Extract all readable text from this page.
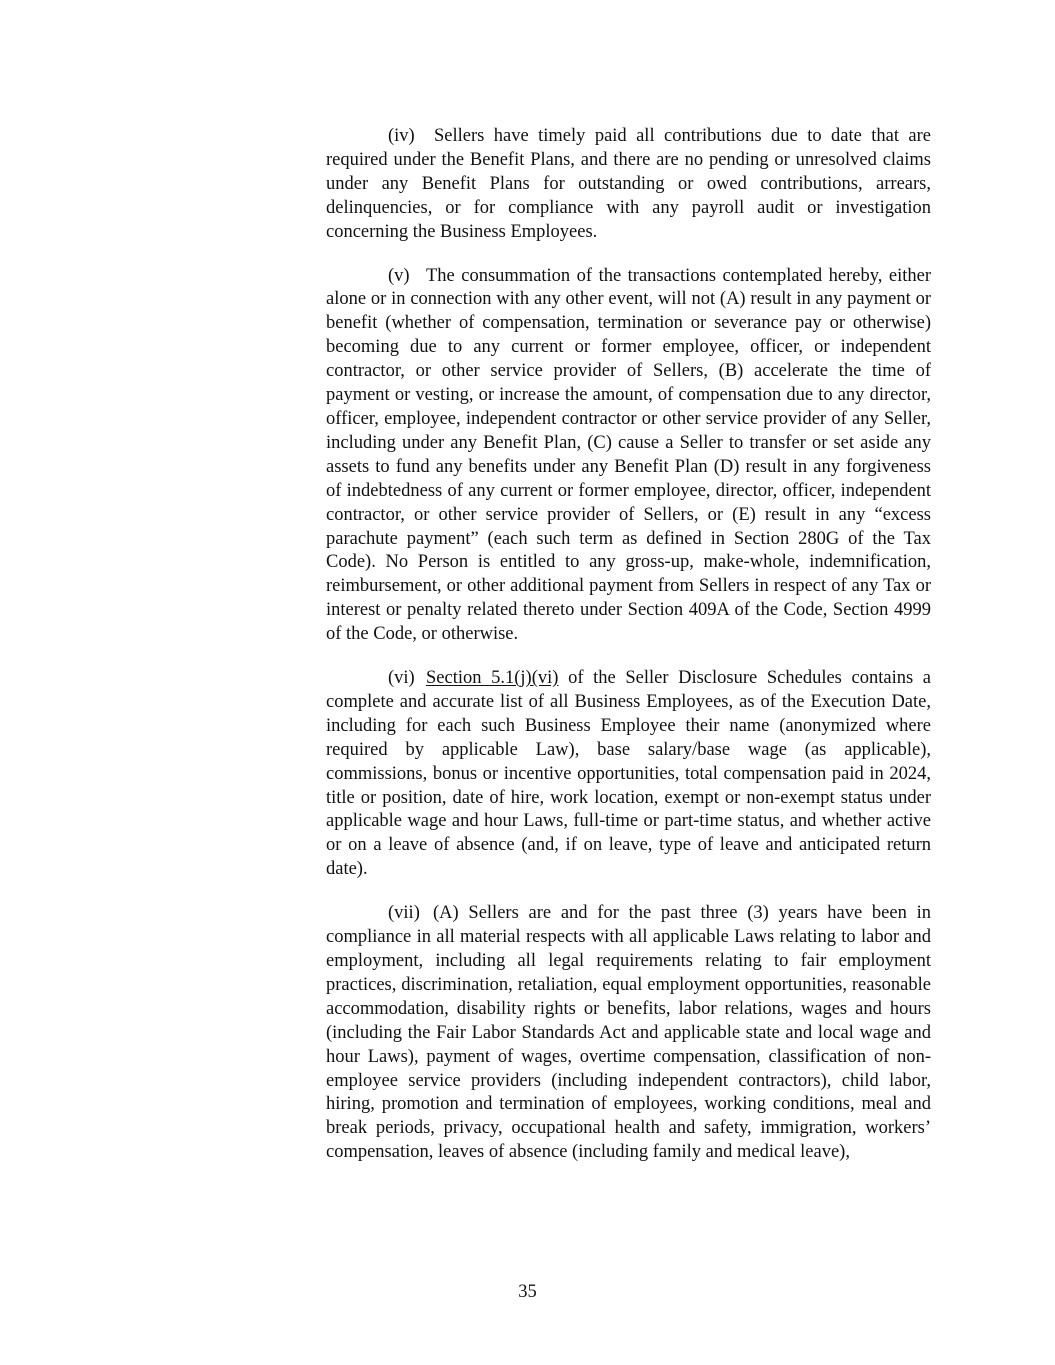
(iv) Sellers have timely paid all contributions due to date that are required under the Benefit Plans, and there are no pending or unresolved claims under any Benefit Plans for outstanding or owed contributions, arrears, delinquencies, or for compliance with any payroll audit or investigation concerning the Business Employees.

(v) The consummation of the transactions contemplated hereby, either alone or in connection with any other event, will not (A) result in any payment or benefit (whether of compensation, termination or severance pay or otherwise) becoming due to any current or former employee, officer, or independent contractor, or other service provider of Sellers, (B) accelerate the time of payment or vesting, or increase the amount, of compensation due to any director, officer, employee, independent contractor or other service provider of any Seller, including under any Benefit Plan, (C) cause a Seller to transfer or set aside any assets to fund any benefits under any Benefit Plan (D) result in any forgiveness of indebtedness of any current or former employee, director, officer, independent contractor, or other service provider of Sellers, or (E) result in any “excess parachute payment” (each such term as defined in Section 280G of the Tax Code). No Person is entitled to any gross-up, make-whole, indemnification, reimbursement, or other additional payment from Sellers in respect of any Tax or interest or penalty related thereto under Section 409A of the Code, Section 4999 of the Code, or otherwise.

(vi) Section 5.1(j)(vi) of the Seller Disclosure Schedules contains a complete and accurate list of all Business Employees, as of the Execution Date, including for each such Business Employee their name (anonymized where required by applicable Law), base salary/base wage (as applicable), commissions, bonus or incentive opportunities, total compensation paid in 2024, title or position, date of hire, work location, exempt or non-exempt status under applicable wage and hour Laws, full-time or part-time status, and whether active or on a leave of absence (and, if on leave, type of leave and anticipated return date).

(vii) (A) Sellers are and for the past three (3) years have been in compliance in all material respects with all applicable Laws relating to labor and employment, including all legal requirements relating to fair employment practices, discrimination, retaliation, equal employment opportunities, reasonable accommodation, disability rights or benefits, labor relations, wages and hours (including the Fair Labor Standards Act and applicable state and local wage and hour Laws), payment of wages, overtime compensation, classification of non-employee service providers (including independent contractors), child labor, hiring, promotion and termination of employees, working conditions, meal and break periods, privacy, occupational health and safety, immigration, workers’ compensation, leaves of absence (including family and medical leave),

35
